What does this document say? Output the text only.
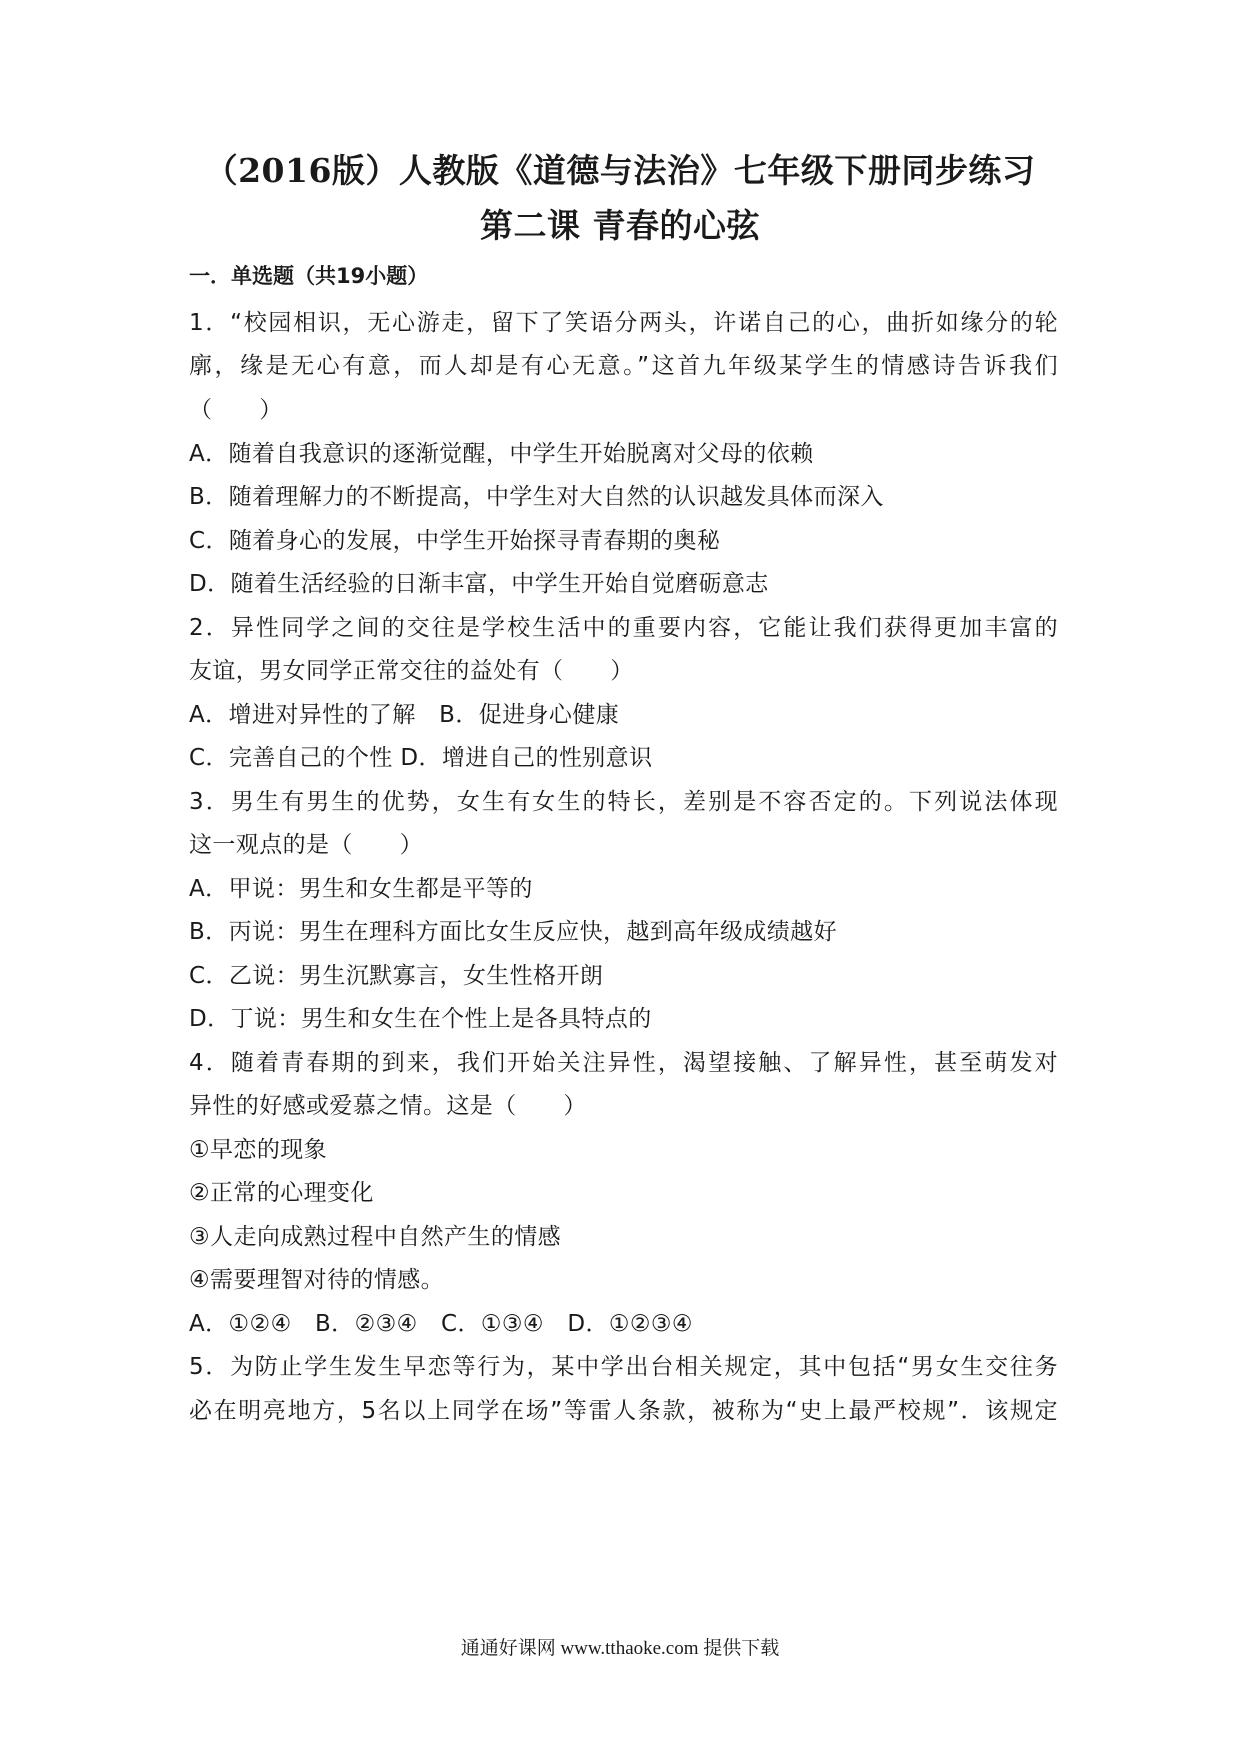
（2016版）人教版《道德与法治》七年级下册同步练习
第二课 青春的心弦
一．单选题（共19小题）
1．“校园相识，无心游走，留下了笑语分两头，许诺自己的心，曲折如缘分的轮
廓，缘是无心有意，而人却是有心无意。”这首九年级某学生的情感诗告诉我们
（　　）
A．随着自我意识的逐渐觉醒，中学生开始脱离对父母的依赖
B．随着理解力的不断提高，中学生对大自然的认识越发具体而深入
C．随着身心的发展，中学生开始探寻青春期的奥秘
D．随着生活经验的日渐丰富，中学生开始自觉磨砺意志
2．异性同学之间的交往是学校生活中的重要内容，它能让我们获得更加丰富的
友谊，男女同学正常交往的益处有（　　）
A．增进对异性的了解　B．促进身心健康
C．完善自己的个性 D．增进自己的性别意识
3．男生有男生的优势，女生有女生的特长，差别是不容否定的。下列说法体现
这一观点的是（　　）
A．甲说：男生和女生都是平等的
B．丙说：男生在理科方面比女生反应快，越到高年级成绩越好
C．乙说：男生沉默寡言，女生性格开朗
D．丁说：男生和女生在个性上是各具特点的
4．随着青春期的到来，我们开始关注异性，渴望接触、了解异性，甚至萌发对
异性的好感或爱慕之情。这是（　　）
①早恋的现象
②正常的心理变化
③人走向成熟过程中自然产生的情感
④需要理智对待的情感。
A．①②④　B．②③④　C．①③④　D．①②③④
5．为防止学生发生早恋等行为，某中学出台相关规定，其中包括“男女生交往务
必在明亮地方，5名以上同学在场”等雷人条款，被称为“史上最严校规”．该规定
通通好课网 www.tthaoke.com 提供下载
